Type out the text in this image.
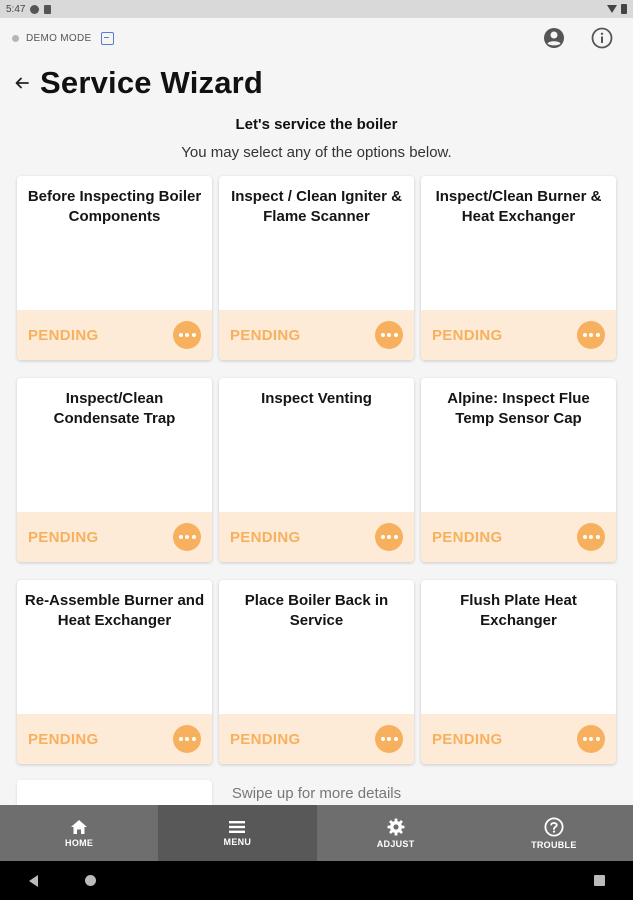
5:47
DEMO MODE
Service Wizard
Let's service the boiler
You may select any of the options below.
Before Inspecting Boiler Components
PENDING
Inspect / Clean Igniter & Flame Scanner
PENDING
Inspect/Clean Burner & Heat Exchanger
PENDING
Inspect/Clean Condensate Trap
PENDING
Inspect Venting
PENDING
Alpine: Inspect Flue Temp Sensor Cap
PENDING
Re-Assemble Burner and Heat Exchanger
PENDING
Place Boiler Back in Service
PENDING
Flush Plate Heat Exchanger
PENDING
Swipe up for more details
HOME	MENU	ADJUST	TROUBLE
